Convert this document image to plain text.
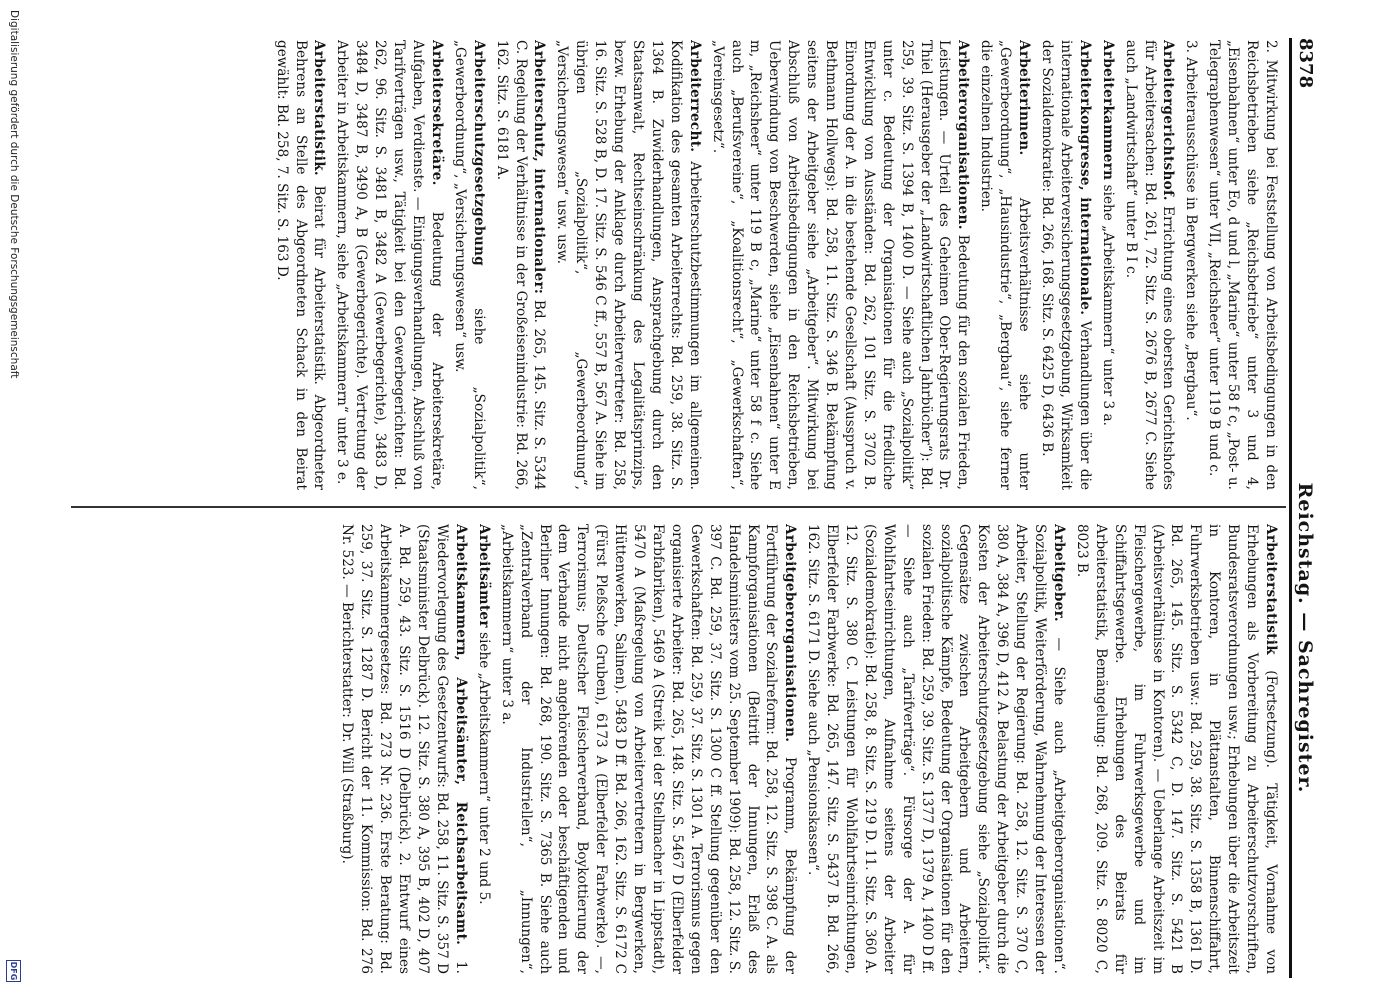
8378
Reichstag. — Sachregister.

2. Mitwirkung bei Feststellung von Arbeitsbedingungen in den Reichsbetrieben siehe „Reichsbetriebe“ unter 3 und 4, „Eisenbahnen“ unter Eo, d und l, „Marine“ unter 58 f c, „Post- u. Telegraphenwesen“ unter VII, „Reichsheer“ unter 119 B und c.

3. Arbeiterausschüsse in Bergwerken siehe „Bergbau“.

Arbeitergerichtshof. Errichtung eines obersten Gerichtshofes für Arbeitersachen: Bd. 261, 72. Sitz. S. 2676 B, 2677 C. Siehe auch „Landwirtschaft“ unter B I c.

Arbeiterkammern siehe „Arbeitskammern“ unter 3 a.

Arbeiterkongresse, internationale. Verhandlungen über die internationale Arbeiterversicherungsgesetzgebung, Wirksamkeit der Sozialdemokratie: Bd. 266, 168. Sitz. S. 6425 D, 6436 B.

Arbeiterinnen. Arbeitsverhältnisse siehe unter „Gewerbeordnung“, „Hausindustrie“, „Bergbau“, siehe ferner die einzelnen Industrien.

Arbeiterorganisationen. Bedeutung für den sozialen Frieden, Leistungen. — Urteil des Geheimen Ober-Regierungsrats Dr. Thiel (Herausgeber der „Landwirtschaftlichen Jahrbücher“): Bd. 259, 39. Sitz. S. 1394 B, 1400 D. — Siehe auch „Sozialpolitik“ unter c. Bedeutung der Organisationen für die friedliche Entwicklung von Ausständen: Bd. 262, 101 Sitz. S. 3702 B. Einordnung der A. in die bestehende Gesellschaft (Ausspruch v. Bethmann Hollwegs): Bd. 258, 11. Sitz. S. 346 B. Bekämpfung seitens der Arbeitgeber siehe „Arbeitgeber“. Mitwirkung bei Abschluß von Arbeitsbedingungen in den Reichsbetrieben, Ueberwindung von Beschwerden, siehe „Eisenbahnen“ unter E m, „Reichsheer“ unter 119 B c, „Marine“ unter 58 f c. Siehe auch „Berufsvereine“, „Koalitionsrecht“, „Gewerkschaften“, „Vereinsgesetz“.

Arbeiterrecht. Arbeiterschutzbestimmungen im allgemeinen. Kodifikation des gesamten Arbeiterrechts: Bd. 259, 38. Sitz. S. 1364 B. Zuwiderhandlungen, Ansprachgebung durch den Staatsanwalt, Rechtseinschränkung des Legalitätsprinzips, bezw. Erhebung der Anklage durch Arbeitervertreter: Bd. 258, 16. Sitz. S. 528 B, D. 17. Sitz. S. 546 C ff., 557 B, 567 A. Siehe im übrigen „Sozialpolitik“, „Gewerbeordnung“, „Versicherungswesen“ usw. usw.

Arbeiterschutz, internationaler: Bd. 265, 145. Sitz. S. 5344 C. Regelung der Verhältnisse in der Großeisenindustrie: Bd. 266, 162. Sitz. S. 6181 A.

Arbeiterschutzgesetzgebung siehe „Sozialpolitik“, „Gewerbeordnung“, „Versicherungswesen“ usw.

Arbeitersekretäre. Bedeutung der Arbeitersekretäre, Aufgaben, Verdienste. — Einigungsverhandlungen, Abschluß von Tarifverträgen usw., Tätigkeit bei den Gewerbegerichten: Bd. 262, 96. Sitz. S. 3481 B, 3482 A (Gewerbegerichte), 3483 D, 3484 D, 3487 B, 3490 A, B (Gewerbegerichte). Vertretung der Arbeiter in Arbeitskammern, siehe „Arbeitskammern“ unter 3 e.

Arbeiterstatistik. Beirat für Arbeiterstatistik. Abgeordneter Behrens an Stelle des Abgeordneten Schack in den Beirat gewählt: Bd. 258, 7. Sitz. S. 163 D.

Arbeiterstatistik (Fortsetzung). Tätigkeit, Vornahme von Erhebungen als Vorbereitung zu Arbeiterschutzvorschriften, Bundesratsverordnungen usw.; Erhebungen über die Arbeitszeit in Kontoren, in Plättanstalten, Binnenschiffahrt, Fuhrwerksbetrieben usw.: Bd. 259, 38. Sitz. S. 1358 B, 1361 D. Bd. 265, 145. Sitz. S. 5342 C, D. 147. Sitz. S. 5421 B (Arbeitsverhältnisse in Kontoren). — Ueberlange Arbeitszeit im Fleischergewerbe, im Fuhrwerksgewerbe und im Schiffahrtsgewerbe. Erhebungen des Beirats für Arbeiterstatistik, Bemängelung: Bd. 268, 209. Sitz. S. 8020 C, 8023 B.

Arbeitgeber. — Siehe auch „Arbeitgeberorganisationen“. Sozialpolitik, Weiterförderung, Wahrnehmung der Interessen der Arbeiter, Stellung der Regierung: Bd. 258, 12. Sitz. S. 370 C, 380 A, 384 A, 396 D, 412 A. Belastung der Arbeitgeber durch die Kosten der Arbeiterschutzgesetzgebung siehe „Sozialpolitik“. Gegensätze zwischen Arbeitgebern und Arbeitern, sozialpolitische Kämpfe, Bedeutung der Organisationen für den sozialen Frieden: Bd. 259, 39. Sitz. S. 1377 D, 1379 A, 1400 D ff. — Siehe auch „Tarifverträge“. Fürsorge der A. für Wohlfahrtseinrichtungen, Aufnahme seitens der Arbeiter (Sozialdemokratie): Bd. 258, 8. Sitz. S. 219 D. 11. Sitz. S. 360 A. 12. Sitz. S. 380 C. Leistungen für Wohlfahrtseinrichtungen, Elberfelder Farbwerke: Bd. 265, 147. Sitz. S. 5437 B. Bd. 266, 162. Sitz. S. 6171 D. Siehe auch „Pensionskassen“.

Arbeitgeberorganisationen. Programm, Bekämpfung der Fortführung der Sozialreform: Bd. 258, 12. Sitz. S. 398 C. A. als Kampforganisationen (Beitritt der Innungen, Erlaß des Handelsministers vom 25. September 1909): Bd. 258, 12. Sitz. S. 397 C. Bd. 259, 37. Sitz. S. 1300 C ff. Stellung gegenüber den Gewerkschaften: Bd. 259, 37. Sitz. S. 1301 A. Terrorismus gegen organisierte Arbeiter: Bd. 265, 148. Sitz. S. 5467 D (Elberfelder Farbfabriken), 5469 A (Streik bei der Stellmacher in Lippstadt), 5470 A (Maßregelung von Arbeitervertretern in Bergwerken, Hüttenwerken, Salinen). 5483 D ff. Bd. 266, 162. Sitz. S. 6172 C (Fürst Pleßsche Gruben), 6173 A (Elberfelder Farbwerke). —, Terrorismus; Deutscher Fleischerverband, Boykottierung der dem Verbande nicht angehörenden oder beschäftigenden und Berliner Innungen: Bd. 268, 190. Sitz. S. 7365 B. Siehe auch „Zentralverband der Industriellen“, „Innungen“, „Arbeitskammern“ unter 3 a.

Arbeitsämter siehe „Arbeitskammern“ unter 2 und 5.

Arbeitskammern, Arbeitsämter, Reichsarbeitsamt. 1. Wiedervorlegung des Gesetzentwurfs: Bd. 258, 11. Sitz. S. 357 D (Staatsminister Delbrück). 12. Sitz. S. 380 A, 395 B, 402 D, 407 A. Bd. 259, 43. Sitz. S. 1516 D (Delbrück). 2. Entwurf eines Arbeitskammergesetzes: Bd. 273 Nr. 236. Erste Beratung: Bd. 259, 37. Sitz. S. 1287 D. Bericht der 11. Kommission: Bd. 276 Nr. 523. — Berichterstatter: Dr. Will (Straßburg).

Digitalisierung gefördert durch die Deutsche Forschungsgemeinschaft
DFG
